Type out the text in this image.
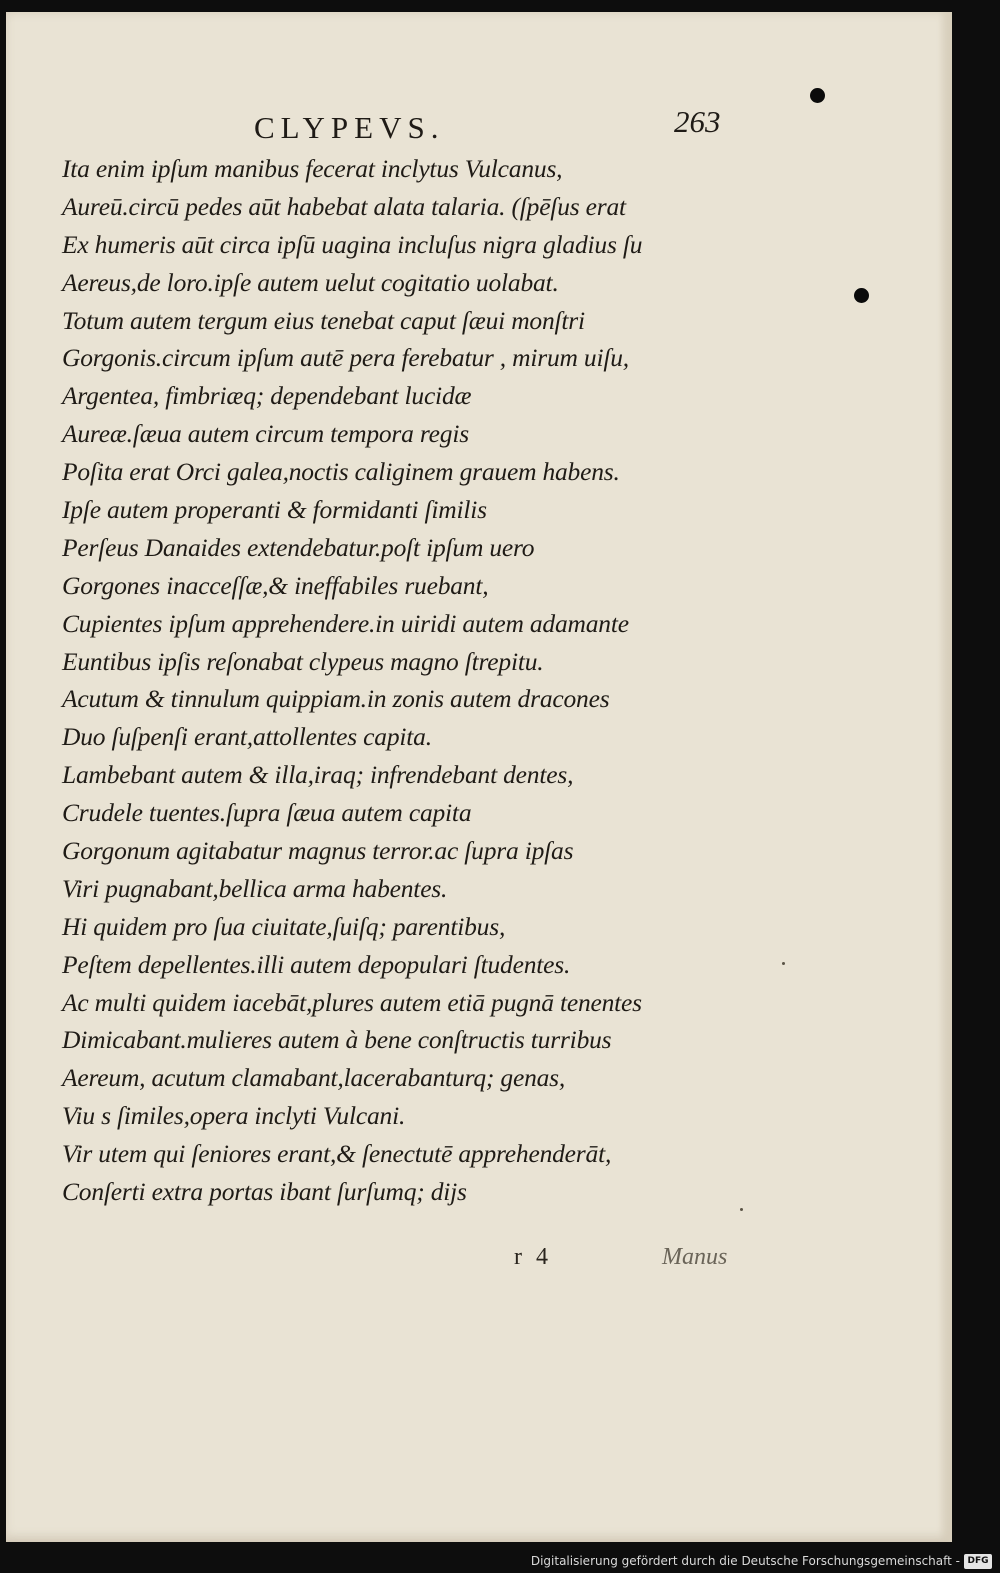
CLYPEVS.	263
Ita enim ipſum manibus fecerat inclytus Vulcanus,
Aureū.circū pedes aūt habebat alata talaria. (ſpēſus erat
Ex humeris aūt circa ipſū uagina incluſus nigra gladius ſu
Aereus,de loro.ipſe autem uelut cogitatio uolabat.
Totum autem tergum eius tenebat caput ſæui monſtri
Gorgonis.circum ipſum autē pera ferebatur , mirum uiſu,
Argentea, fimbriæq; dependebant lucidæ
Aureæ.ſæua autem circum tempora regis
Poſita erat Orci galea,noctis caliginem grauem habens.
Ipſe autem properanti & formidanti ſimilis
Perſeus Danaides extendebatur.poſt ipſum uero
Gorgones inacceſſæ,& ineffabiles ruebant,
Cupientes ipſum apprehendere.in uiridi autem adamante
Euntibus ipſis reſonabat clypeus magno ſtrepitu.
Acutum & tinnulum quippiam.in zonis autem dracones
Duo ſuſpenſi erant,attollentes capita.
Lambebant autem & illa,iraq; infrendebant dentes,
Crudele tuentes.ſupra ſæua autem capita
Gorgonum agitabatur magnus terror.ac ſupra ipſas
Viri pugnabant,bellica arma habentes.
Hi quidem pro ſua ciuitate,ſuiſq; parentibus,
Peſtem depellentes.illi autem depopulari ſtudentes.
Ac multi quidem iacebāt,plures autem etiā pugnā tenentes
Dimicabant.mulieres autem à bene conſtructis turribus
Aereum, acutum clamabant,lacerabanturq; genas,
Viu s ſimiles,opera inclyti Vulcani.
Vir utem qui ſeniores erant,& ſenectutē apprehenderāt,
Conſerti extra portas ibant ſurſumq; dijs
r 4	Manus
Digitalisierung gefördert durch die Deutsche Forschungsgemeinschaft - DFG
